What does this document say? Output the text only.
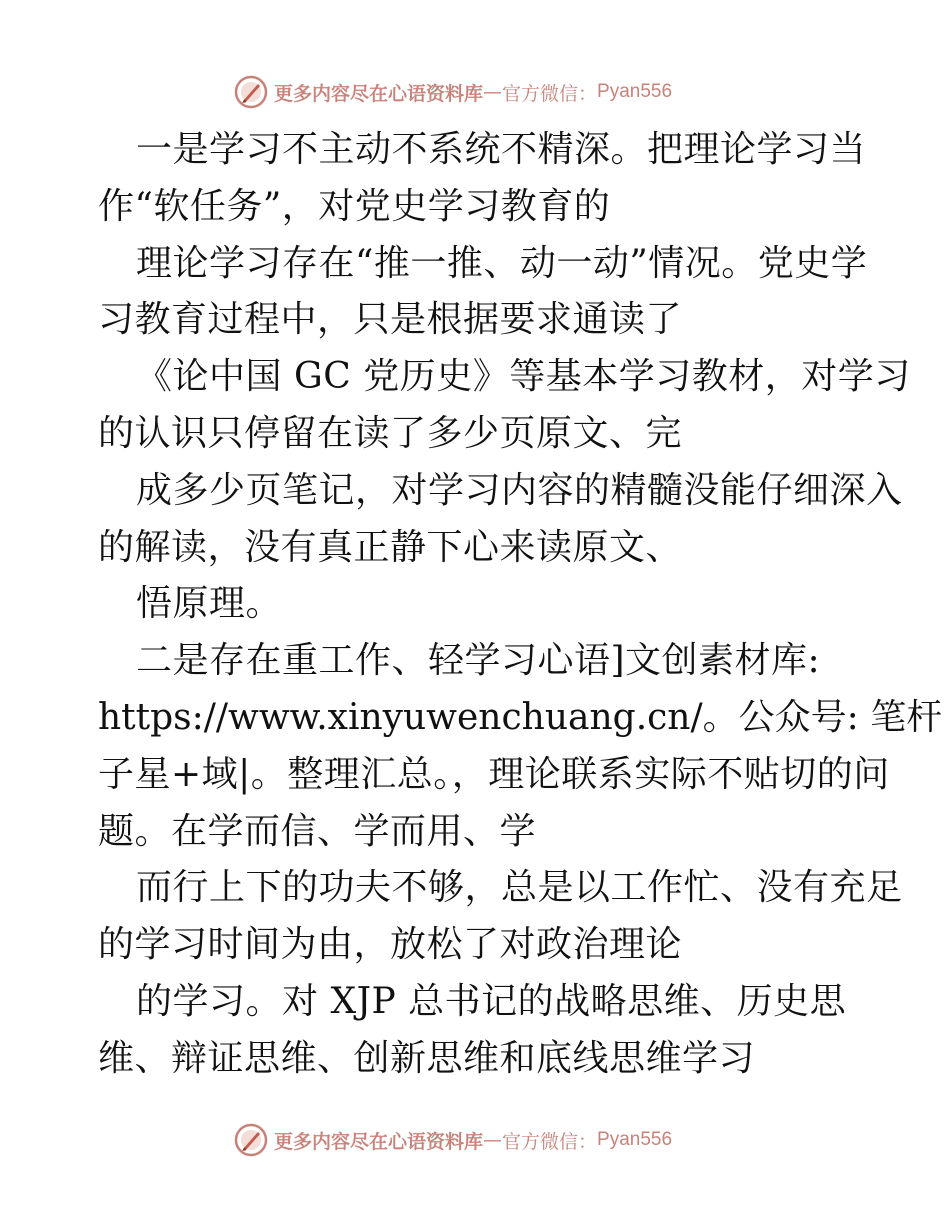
更多内容尽在心语资料库 — 官方微信： Pyan556
一是学习不主动不系统不精深。把理论学习当
作“软任务”，对党史学习教育的
理论学习存在“推一推、动一动”情况。党史学
习教育过程中，只是根据要求通读了
《论中国 GC 党历史》等基本学习教材，对学习
的认识只停留在读了多少页原文、完
成多少页笔记，对学习内容的精髓没能仔细深入
的解读，没有真正静下心来读原文、
悟原理。
二是存在重工作、轻学习心语]文创素材库:
https://www.xinyuwenchuang.cn/。公众号: 笔杆
子星+域|。整理汇总。，理论联系实际不贴切的问
题。在学而信、学而用、学
而行上下的功夫不够，总是以工作忙、没有充足
的学习时间为由，放松了对政治理论
的学习。对 XJP 总书记的战略思维、历史思
维、辩证思维、创新思维和底线思维学习
更多内容尽在心语资料库 — 官方微信： Pyan556
